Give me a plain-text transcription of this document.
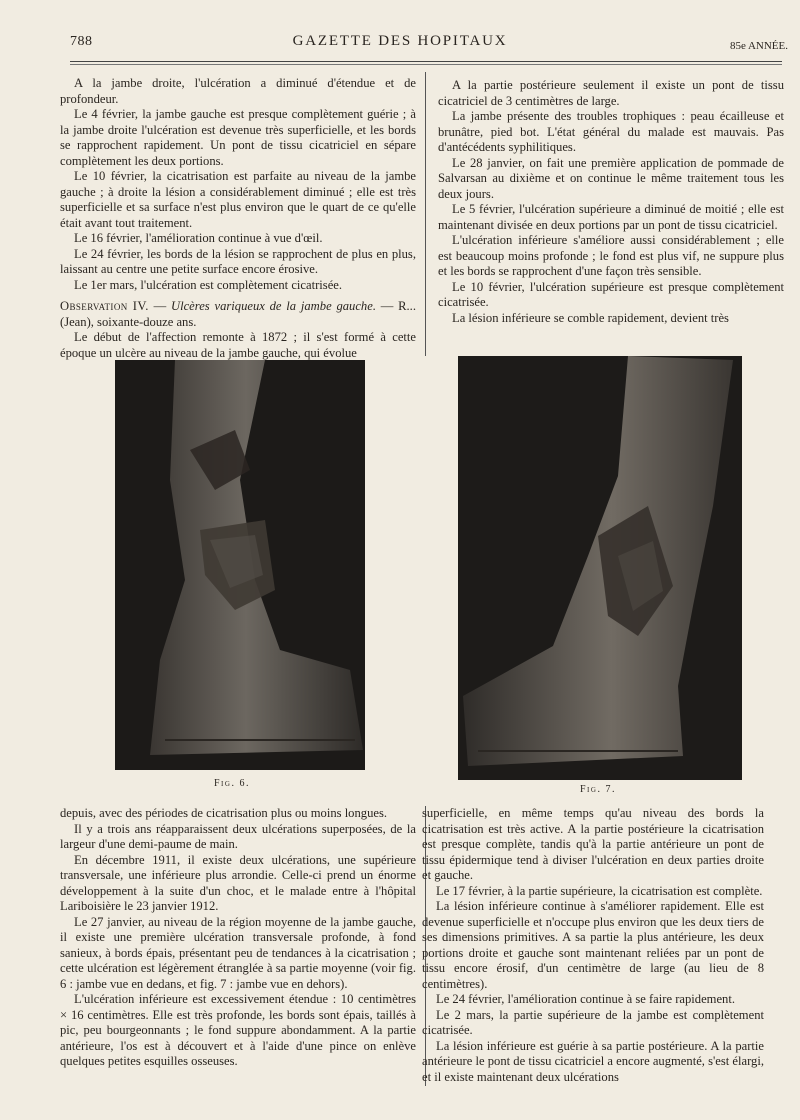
788	GAZETTE DES HOPITAUX	85e ANNÉE.

A la jambe droite, l'ulcération a diminué d'étendue et de profondeur.

Le 4 février, la jambe gauche est presque complètement guérie ; à la jambe droite l'ulcération est devenue très superficielle, et les bords se rapprochent rapidement. Un pont de tissu cicatriciel en sépare complètement les deux portions.

Le 10 février, la cicatrisation est parfaite au niveau de la jambe gauche ; à droite la lésion a considérablement diminué ; elle est très superficielle et sa surface n'est plus environ que le quart de ce qu'elle était avant tout traitement.

Le 16 février, l'amélioration continue à vue d'œil.

Le 24 février, les bords de la lésion se rapprochent de plus en plus, laissant au centre une petite surface encore érosive.

Le 1er mars, l'ulcération est complètement cicatrisée.

Observation IV. — Ulcères variqueux de la jambe gauche. — R... (Jean), soixante-douze ans.

Le début de l'affection remonte à 1872 ; il s'est formé à cette époque un ulcère au niveau de la jambe gauche, qui évolue

A la partie postérieure seulement il existe un pont de tissu cicatriciel de 3 centimètres de large.

La jambe présente des troubles trophiques : peau écailleuse et brunâtre, pied bot. L'état général du malade est mauvais. Pas d'antécédents syphilitiques.

Le 28 janvier, on fait une première application de pommade de Salvarsan au dixième et on continue le même traitement tous les deux jours.

Le 5 février, l'ulcération supérieure a diminué de moitié ; elle est maintenant divisée en deux portions par un pont de tissu cicatriciel.

L'ulcération inférieure s'améliore aussi considérablement ; elle est beaucoup moins profonde ; le fond est plus vif, ne suppure plus et les bords se rapprochent d'une façon très sensible.

Le 10 février, l'ulcération supérieure est presque complètement cicatrisée.

La lésion inférieure se comble rapidement, devient très

Fig. 6.
Fig. 7.

depuis, avec des périodes de cicatrisation plus ou moins longues.

Il y a trois ans réapparaissent deux ulcérations superposées, de la largeur d'une demi-paume de main.

En décembre 1911, il existe deux ulcérations, une supérieure transversale, une inférieure plus arrondie. Celle-ci prend un énorme développement à la suite d'un choc, et le malade entre à l'hôpital Lariboisière le 23 janvier 1912.

Le 27 janvier, au niveau de la région moyenne de la jambe gauche, il existe une première ulcération transversale profonde, à fond sanieux, à bords épais, présentant peu de tendances à la cicatrisation ; cette ulcération est légèrement étranglée à sa partie moyenne (voir fig. 6 : jambe vue en dedans, et fig. 7 : jambe vue en dehors).

L'ulcération inférieure est excessivement étendue : 10 centimètres × 16 centimètres. Elle est très profonde, les bords sont épais, taillés à pic, peu bourgeonnants ; le fond suppure abondamment. A la partie antérieure, l'os est à découvert et à l'aide d'une pince on enlève quelques petites esquilles osseuses.

superficielle, en même temps qu'au niveau des bords la cicatrisation est très active. A la partie postérieure la cicatrisation est presque complète, tandis qu'à la partie antérieure un pont de tissu épidermique tend à diviser l'ulcération en deux parties droite et gauche.

Le 17 février, à la partie supérieure, la cicatrisation est complète.

La lésion inférieure continue à s'améliorer rapidement. Elle est devenue superficielle et n'occupe plus environ que les deux tiers de ses dimensions primitives. A sa partie la plus antérieure, les deux portions droite et gauche sont maintenant reliées par un pont de tissu encore érosif, d'un centimètre de large (au lieu de 8 centimètres).

Le 24 février, l'amélioration continue à se faire rapidement.

Le 2 mars, la partie supérieure de la jambe est complètement cicatrisée.

La lésion inférieure est guérie à sa partie postérieure. A la partie antérieure le pont de tissu cicatriciel a encore augmenté, s'est élargi, et il existe maintenant deux ulcérations
